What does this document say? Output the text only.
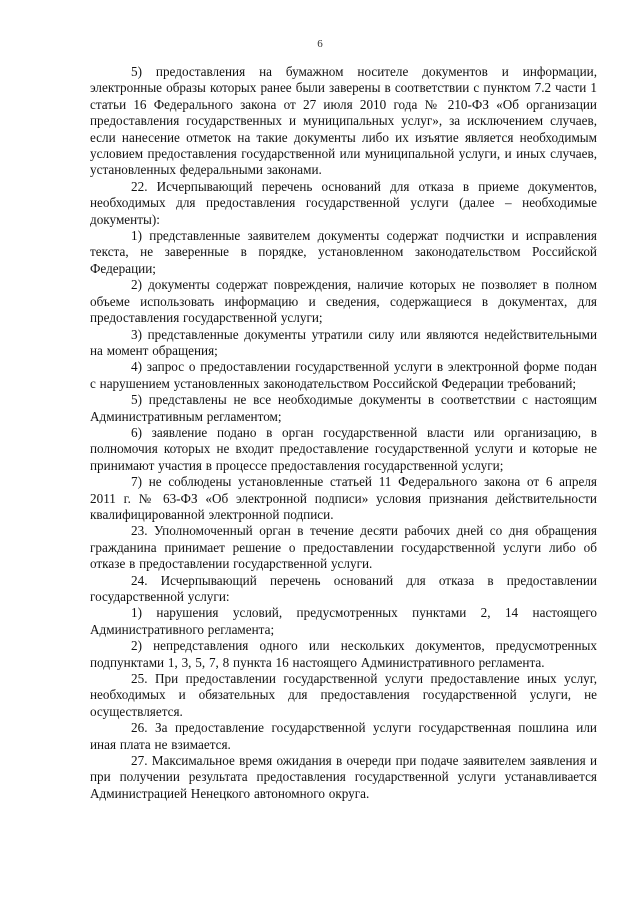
6

5) предоставления на бумажном носителе документов и информации, электронные образы которых ранее были заверены в соответствии с пунктом 7.2 части 1 статьи 16 Федерального закона от 27 июля 2010 года № 210-ФЗ «Об организации предоставления государственных и муниципальных услуг», за исключением случаев, если нанесение отметок на такие документы либо их изъятие является необходимым условием предоставления государственной или муниципальной услуги, и иных случаев, установленных федеральными законами.

22. Исчерпывающий перечень оснований для отказа в приеме документов, необходимых для предоставления государственной услуги (далее – необходимые документы):

1) представленные заявителем документы содержат подчистки и исправления текста, не заверенные в порядке, установленном законодательством Российской Федерации;

2) документы содержат повреждения, наличие которых не позволяет в полном объеме использовать информацию и сведения, содержащиеся в документах, для предоставления государственной услуги;

3) представленные документы утратили силу или являются недействительными на момент обращения;

4) запрос о предоставлении государственной услуги в электронной форме подан с нарушением установленных законодательством Российской Федерации требований;

5) представлены не все необходимые документы в соответствии с настоящим Административным регламентом;

6) заявление подано в орган государственной власти или организацию, в полномочия которых не входит предоставление государственной услуги и которые не принимают участия в процессе предоставления государственной услуги;

7) не соблюдены установленные статьей 11 Федерального закона от 6 апреля 2011 г. № 63-ФЗ «Об электронной подписи» условия признания действительности квалифицированной электронной подписи.

23. Уполномоченный орган в течение десяти рабочих дней со дня обращения гражданина принимает решение о предоставлении государственной услуги либо об отказе в предоставлении государственной услуги.

24. Исчерпывающий перечень оснований для отказа в предоставлении государственной услуги:

1) нарушения условий, предусмотренных пунктами 2, 14 настоящего Административного регламента;

2) непредставления одного или нескольких документов, предусмотренных подпунктами 1, 3, 5, 7, 8 пункта 16 настоящего Административного регламента.

25. При предоставлении государственной услуги предоставление иных услуг, необходимых и обязательных для предоставления государственной услуги, не осуществляется.

26. За предоставление государственной услуги государственная пошлина или иная плата не взимается.

27. Максимальное время ожидания в очереди при подаче заявителем заявления и при получении результата предоставления государственной услуги устанавливается Администрацией Ненецкого автономного округа.
